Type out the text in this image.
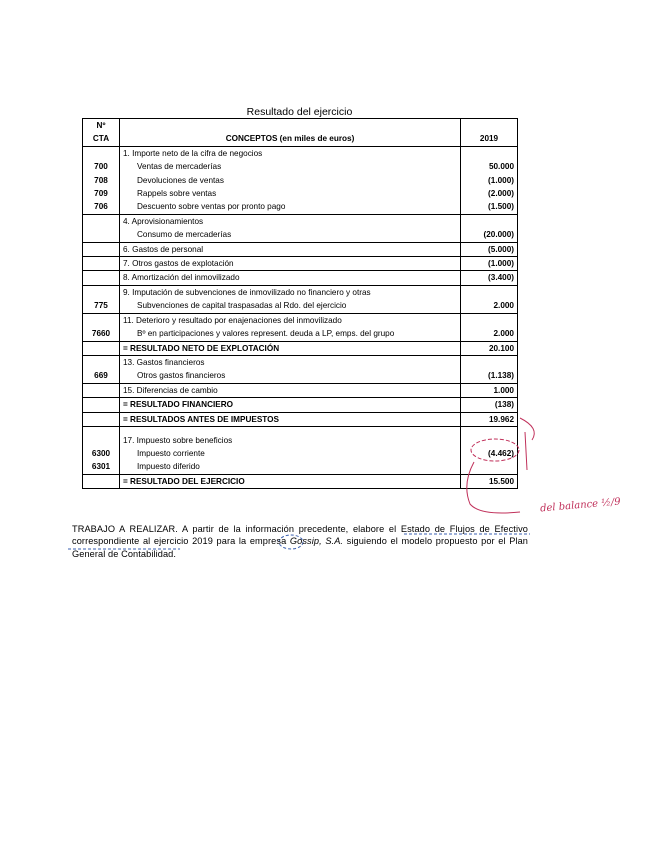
Resultado del ejercicio
Nº		
CTA	CONCEPTOS (en miles de euros)	2019
	1. Importe neto de la cifra de negocios	
700	Ventas de mercaderías	50.000
708	Devoluciones de ventas	(1.000)
709	Rappels sobre ventas	(2.000)
706	Descuento sobre ventas por pronto pago	(1.500)
	4. Aprovisionamientos	
	Consumo de mercaderías	(20.000)
	6. Gastos de personal	(5.000)
	7. Otros gastos de explotación	(1.000)
	8. Amortización del inmovilizado	(3.400)
	9. Imputación de subvenciones de inmovilizado no financiero y otras	
775	Subvenciones de capital traspasadas al Rdo. del ejercicio	2.000
	11. Deterioro y resultado por enajenaciones del inmovilizado	
7660	Bº en participaciones y valores represent. deuda a LP, emps. del grupo	2.000
	= RESULTADO NETO DE EXPLOTACIÓN	20.100
	13. Gastos financieros	
669	Otros gastos financieros	(1.138)
	15. Diferencias de cambio	1.000
	= RESULTADO FINANCIERO	(138)
	= RESULTADOS ANTES DE IMPUESTOS	19.962
	17. Impuesto sobre beneficios	
6300	Impuesto corriente	(4.462)
6301	Impuesto diferido	
	= RESULTADO DEL EJERCICIO	15.500
del balance ½/9
TRABAJO A REALIZAR. A partir de la información precedente, elabore el Estado de Flujos de Efectivo correspondiente al ejercicio 2019 para la empresa Gossip, S.A. siguiendo el modelo propuesto por el Plan General de Contabilidad.
